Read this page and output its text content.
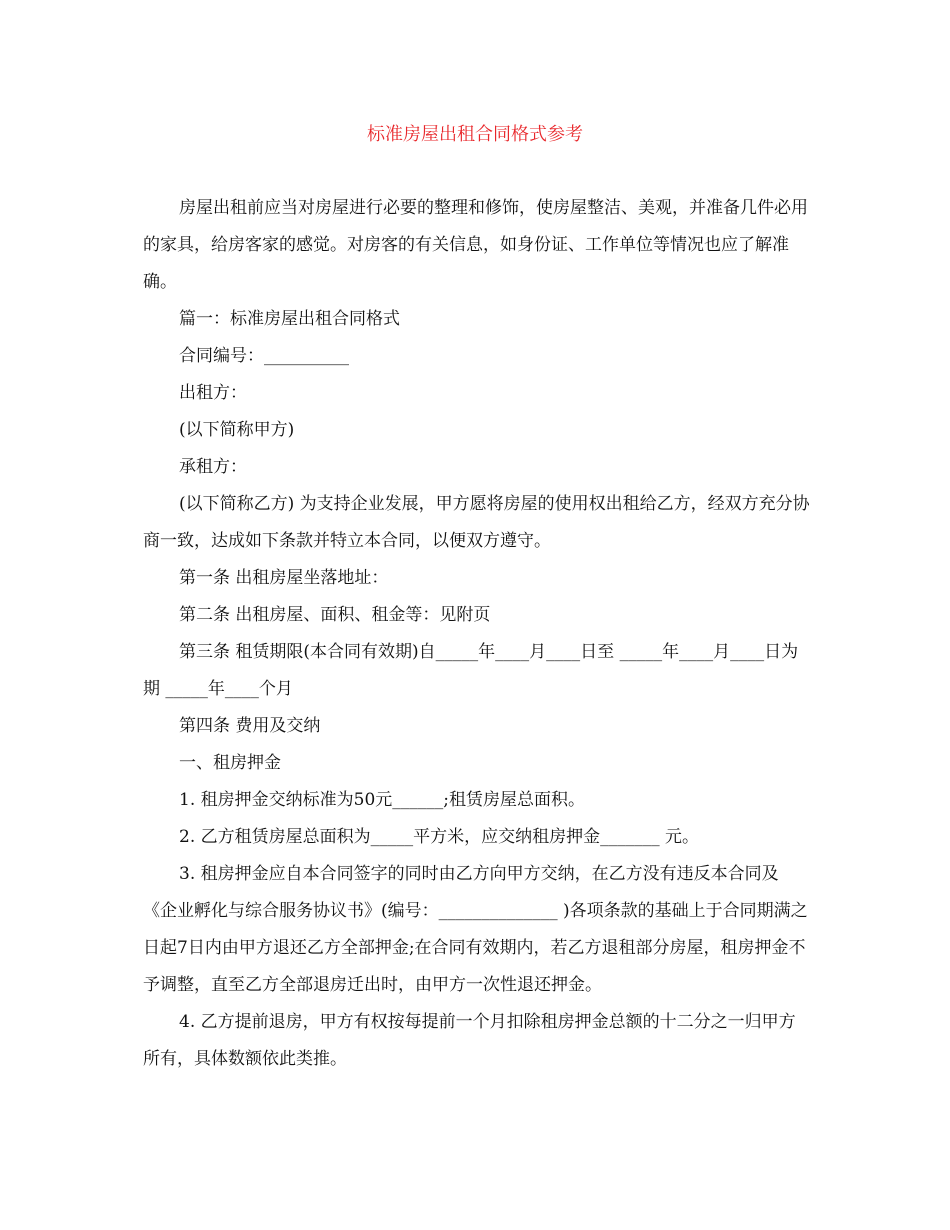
标准房屋出租合同格式参考

房屋出租前应当对房屋进行必要的整理和修饰，使房屋整洁、美观，并准备几件必用的家具，给房客家的感觉。对房客的有关信息，如身份证、工作单位等情况也应了解准确。

篇一：标准房屋出租合同格式

合同编号：__________

出租方：

(以下简称甲方)

承租方：

(以下简称乙方) 为支持企业发展，甲方愿将房屋的使用权出租给乙方，经双方充分协商一致，达成如下条款并特立本合同，以便双方遵守。

第一条 出租房屋坐落地址：

第二条 出租房屋、面积、租金等：见附页

第三条 租赁期限(本合同有效期)自_____年____月____日至 _____年____月____日为期 _____年____个月

第四条 费用及交纳

一、租房押金

1. 租房押金交纳标准为50元______;租赁房屋总面积。

2. 乙方租赁房屋总面积为_____平方米，应交纳租房押金_______ 元。

3. 租房押金应自本合同签字的同时由乙方向甲方交纳，在乙方没有违反本合同及《企业孵化与综合服务协议书》(编号：______________ )各项条款的基础上于合同期满之日起7日内由甲方退还乙方全部押金;在合同有效期内，若乙方退租部分房屋，租房押金不予调整，直至乙方全部退房迁出时，由甲方一次性退还押金。

4. 乙方提前退房，甲方有权按每提前一个月扣除租房押金总额的十二分之一归甲方所有，具体数额依此类推。
